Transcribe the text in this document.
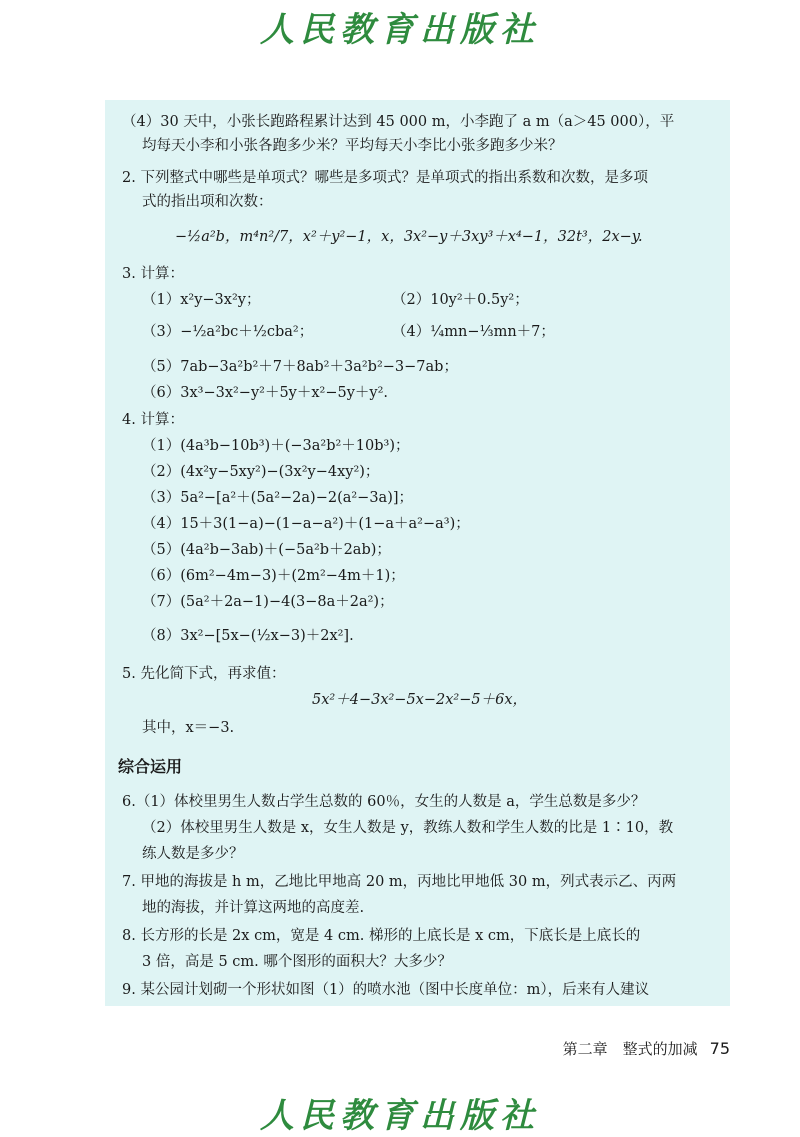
人民教育出版社
（4）30 天中，小张长跑路程累计达到 45 000 m，小李跑了 a m（a＞45 000），平
均每天小李和小张各跑多少米？平均每天小李比小张多跑多少米？
2. 下列整式中哪些是单项式？哪些是多项式？是单项式的指出系数和次数，是多项
式的指出项和次数：
−½a²b，m⁴n²/7，x²＋y²−1，x，3x²−y＋3xy³＋x⁴−1，32t³，2x−y.
3. 计算：
（1）x²y−3x²y；	（2）10y²＋0.5y²；
（3）−½a²bc＋½cba²；	（4）¼mn−⅓mn＋7；
（5）7ab−3a²b²＋7＋8ab²＋3a²b²−3−7ab；
（6）3x³−3x²−y²＋5y＋x²−5y＋y².
4. 计算：
（1）(4a³b−10b³)＋(−3a²b²＋10b³)；
（2）(4x²y−5xy²)−(3x²y−4xy²)；
（3）5a²−[a²＋(5a²−2a)−2(a²−3a)]；
（4）15＋3(1−a)−(1−a−a²)＋(1−a＋a²−a³)；
（5）(4a²b−3ab)＋(−5a²b＋2ab)；
（6）(6m²−4m−3)＋(2m²−4m＋1)；
（7）(5a²＋2a−1)−4(3−8a＋2a²)；
（8）3x²−[5x−(½x−3)＋2x²].
5. 先化简下式，再求值：
5x²＋4−3x²−5x−2x²−5＋6x，
其中，x＝−3.
综合运用
6.（1）体校里男生人数占学生总数的 60％，女生的人数是 a，学生总数是多少？
（2）体校里男生人数是 x，女生人数是 y，教练人数和学生人数的比是 1∶10，教
练人数是多少？
7. 甲地的海拔是 h m，乙地比甲地高 20 m，丙地比甲地低 30 m，列式表示乙、丙两
地的海拔，并计算这两地的高度差.
8. 长方形的长是 2x cm，宽是 4 cm. 梯形的上底长是 x cm，下底长是上底长的
3 倍，高是 5 cm. 哪个图形的面积大？大多少？
9. 某公园计划砌一个形状如图（1）的喷水池（图中长度单位：m），后来有人建议
第二章　整式的加减 75
人民教育出版社
